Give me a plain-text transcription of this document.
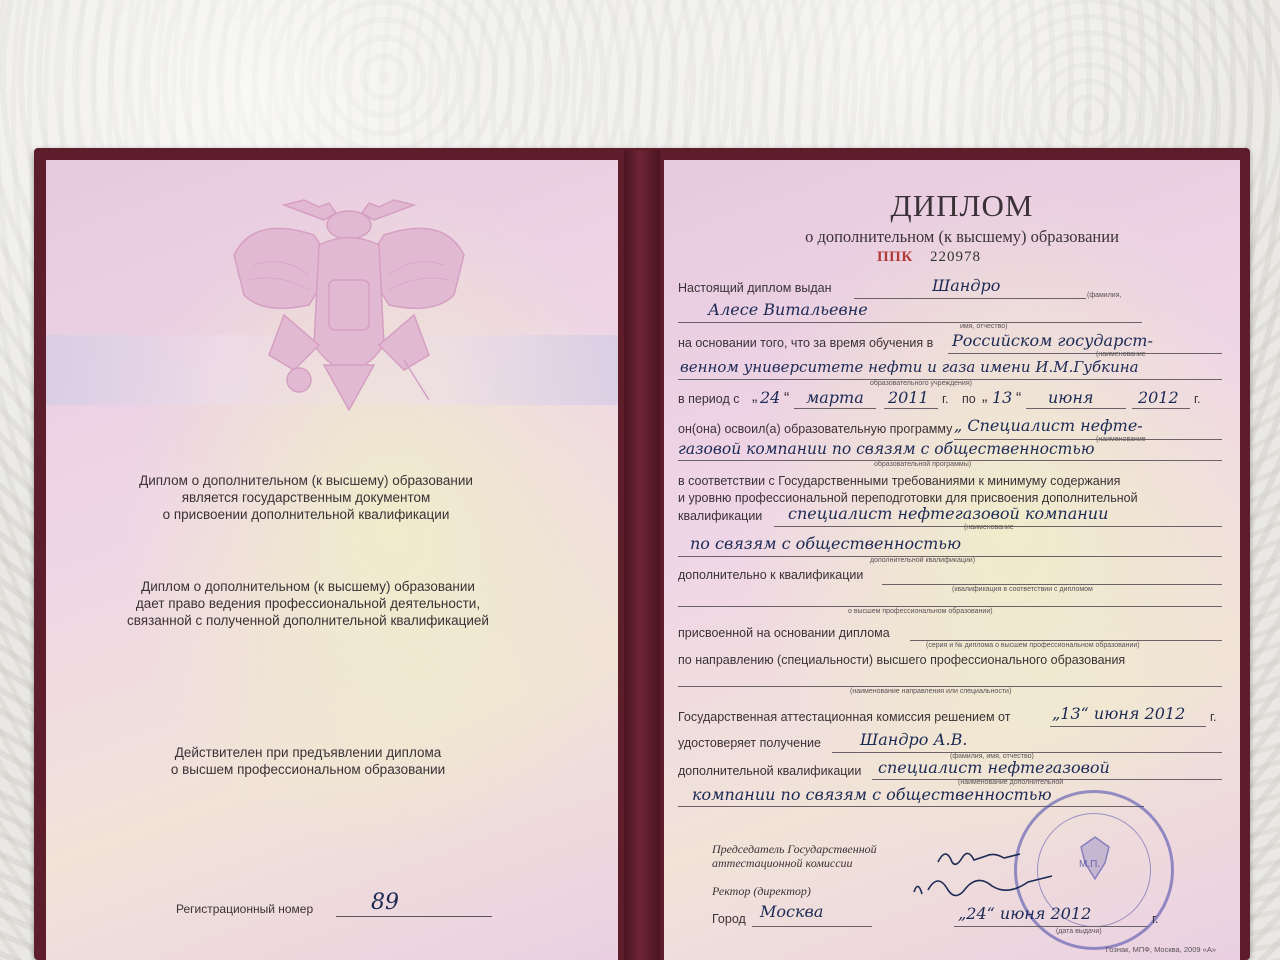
Диплом о дополнительном (к высшему) образовании
является государственным документом
о присвоении дополнительной квалификации
Диплом о дополнительном (к высшему) образовании
дает право ведения профессиональной деятельности,
связанной с полученной дополнительной квалификацией
Действителен при предъявлении диплома
о высшем профессиональном образовании
Регистрационный номер	89
ДИПЛОМ
о дополнительном (к высшему) образовании
ППК 220978
Настоящий диплом выдан	Шандро
(фамилия,
Алесе Витальевне
имя, отчество)
на основании того, что за время обучения в Российском государст-
(наименование
венном университете нефти и газа имени И.М.Губкина
образовательного учреждения)
в период с „ 24 “ марта 2011 г. по „ 13 “ июня	2012 г.
он(она) освоил(а) образовательную программу „ Специалист нефте-
(наименование
газовой компании по связям с общественностью
образовательной программы)
в соответствии с Государственными требованиями к минимуму содержания
и уровню профессиональной переподготовки для присвоения дополнительной
квалификации специалист нефтегазовой компании
(наименование
по связям с общественностью
дополнительной квалификации)
дополнительно к квалификации
(квалификация в соответствии с дипломом
о высшем профессиональном образовании)
присвоенной на основании диплома
(серия и № диплома о высшем профессиональном образовании)
по направлению (специальности) высшего профессионального образования
(наименование направления или специальности)
Государственная аттестационная комиссия решением от	„13“ июня 2012 г.
удостоверяет получение Шандро А.В.
(фамилия, имя, отчество)
дополнительной квалификации специалист нефтегазовой
(наименование дополнительной
компании по связям с общественностью
М.П.
Председатель Государственной
аттестационной комиссии
Ректор (директор)
Город Москва	„24“ июня 2012	г.
(дата выдачи)
Гознак, МПФ, Москва, 2009 «А»
